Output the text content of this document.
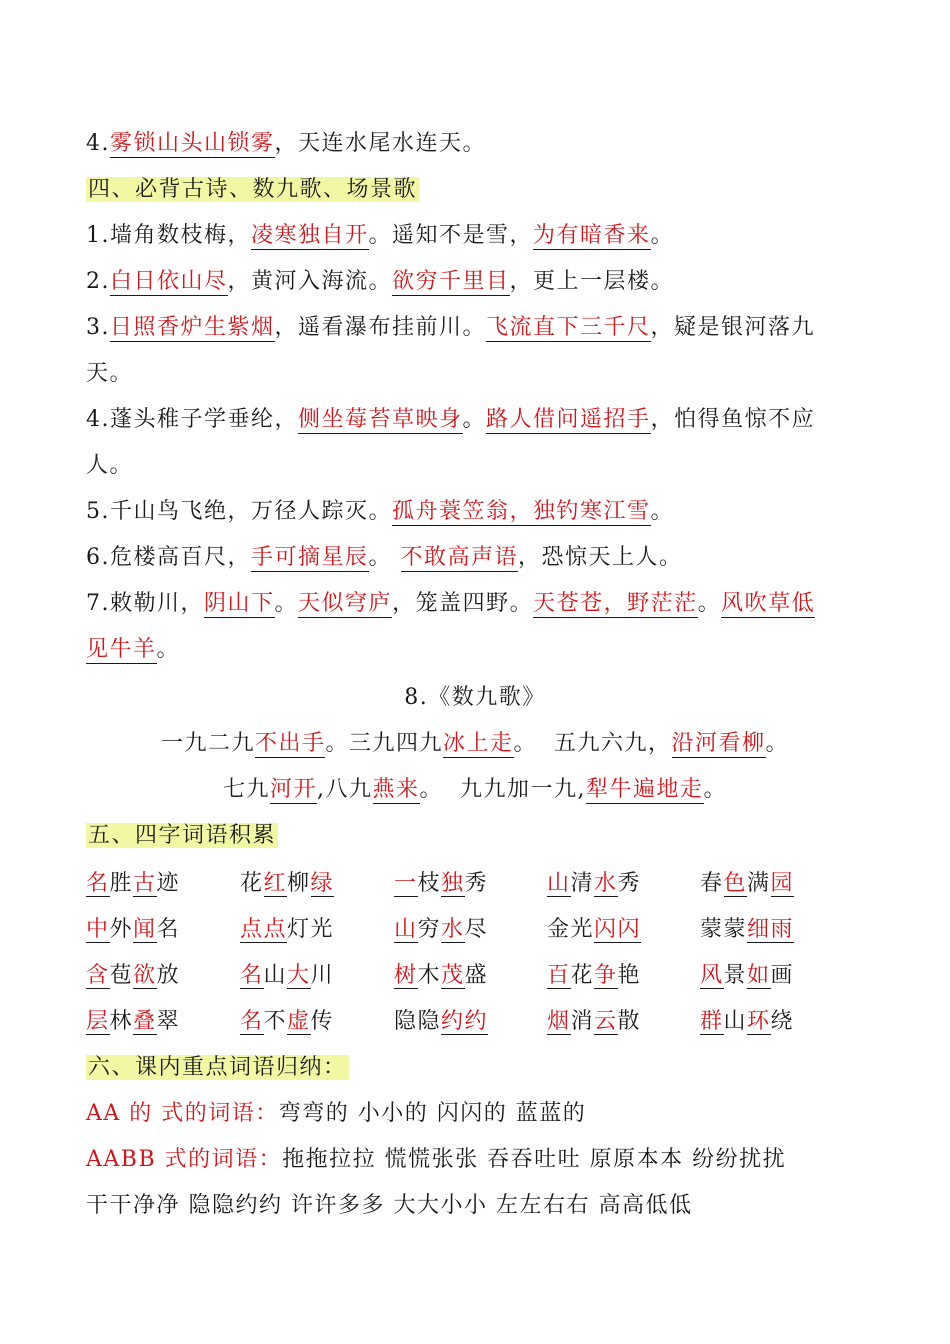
4.雾锁山头山锁雾，天连水尾水连天。
四、必背古诗、数九歌、场景歌
1.墙角数枝梅，凌寒独自开。遥知不是雪，为有暗香来。
2.白日依山尽，黄河入海流。欲穷千里目，更上一层楼。
3.日照香炉生紫烟，遥看瀑布挂前川。飞流直下三千尺，疑是银河落九
天。
4.蓬头稚子学垂纶，侧坐莓苔草映身。路人借问遥招手，怕得鱼惊不应
人。
5.千山鸟飞绝，万径人踪灭。孤舟蓑笠翁，独钓寒江雪。
6.危楼高百尺，手可摘星辰。 不敢高声语，恐惊天上人。
7.敕勒川，阴山下。天似穹庐，笼盖四野。天苍苍，野茫茫。风吹草低
见牛羊。
8.《数九歌》
一九二九不出手。三九四九冰上走。  五九六九，沿河看柳。
七九河开,八九燕来。  九九加一九,犁牛遍地走。
五、四字词语积累
名胜古迹	花红柳绿	一枝独秀	山清水秀	春色满园
中外闻名	点点灯光	山穷水尽	金光闪闪	蒙蒙细雨
含苞欲放	名山大川	树木茂盛	百花争艳	风景如画
层林叠翠	名不虚传	隐隐约约	烟消云散	群山环绕
六、课内重点词语归纳：
AA 的 式的词语：弯弯的 小小的 闪闪的 蓝蓝的
AABB 式的词语：拖拖拉拉 慌慌张张 吞吞吐吐 原原本本 纷纷扰扰
干干净净 隐隐约约 许许多多 大大小小 左左右右 高高低低
